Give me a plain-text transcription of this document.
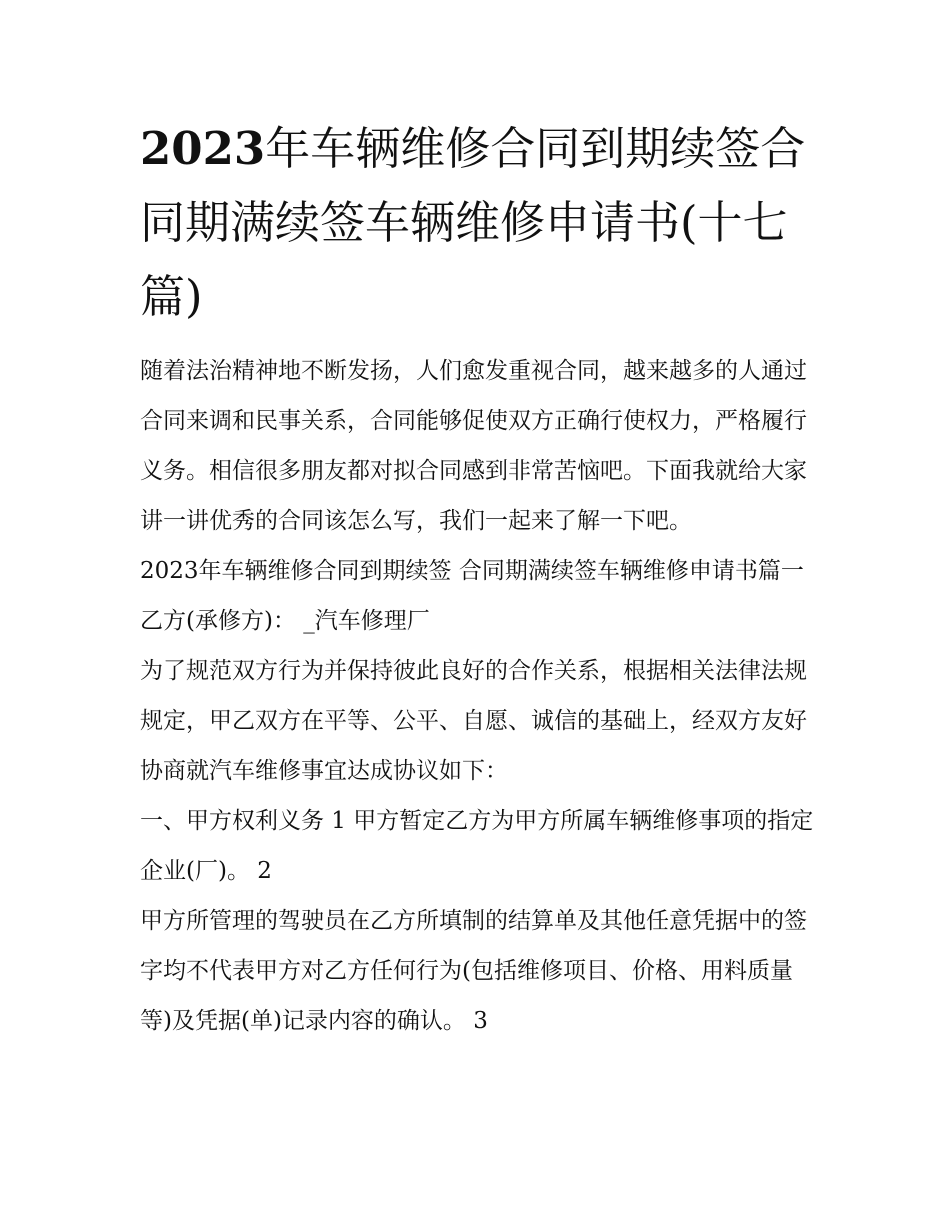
2023年车辆维修合同到期续签合同期满续签车辆维修申请书(十七篇)

随着法治精神地不断发扬，人们愈发重视合同，越来越多的人通过合同来调和民事关系，合同能够促使双方正确行使权力，严格履行义务。相信很多朋友都对拟合同感到非常苦恼吧。下面我就给大家讲一讲优秀的合同该怎么写，我们一起来了解一下吧。

2023年车辆维修合同到期续签 合同期满续签车辆维修申请书篇一 乙方(承修方)： _汽车修理厂

为了规范双方行为并保持彼此良好的合作关系，根据相关法律法规规定，甲乙双方在平等、公平、自愿、诚信的基础上，经双方友好协商就汽车维修事宜达成协议如下：

一、甲方权利义务 1 甲方暂定乙方为甲方所属车辆维修事项的指定企业(厂)。 2

甲方所管理的驾驶员在乙方所填制的结算单及其他任意凭据中的签字均不代表甲方对乙方任何行为(包括维修项目、价格、用料质量等)及凭据(单)记录内容的确认。 3
